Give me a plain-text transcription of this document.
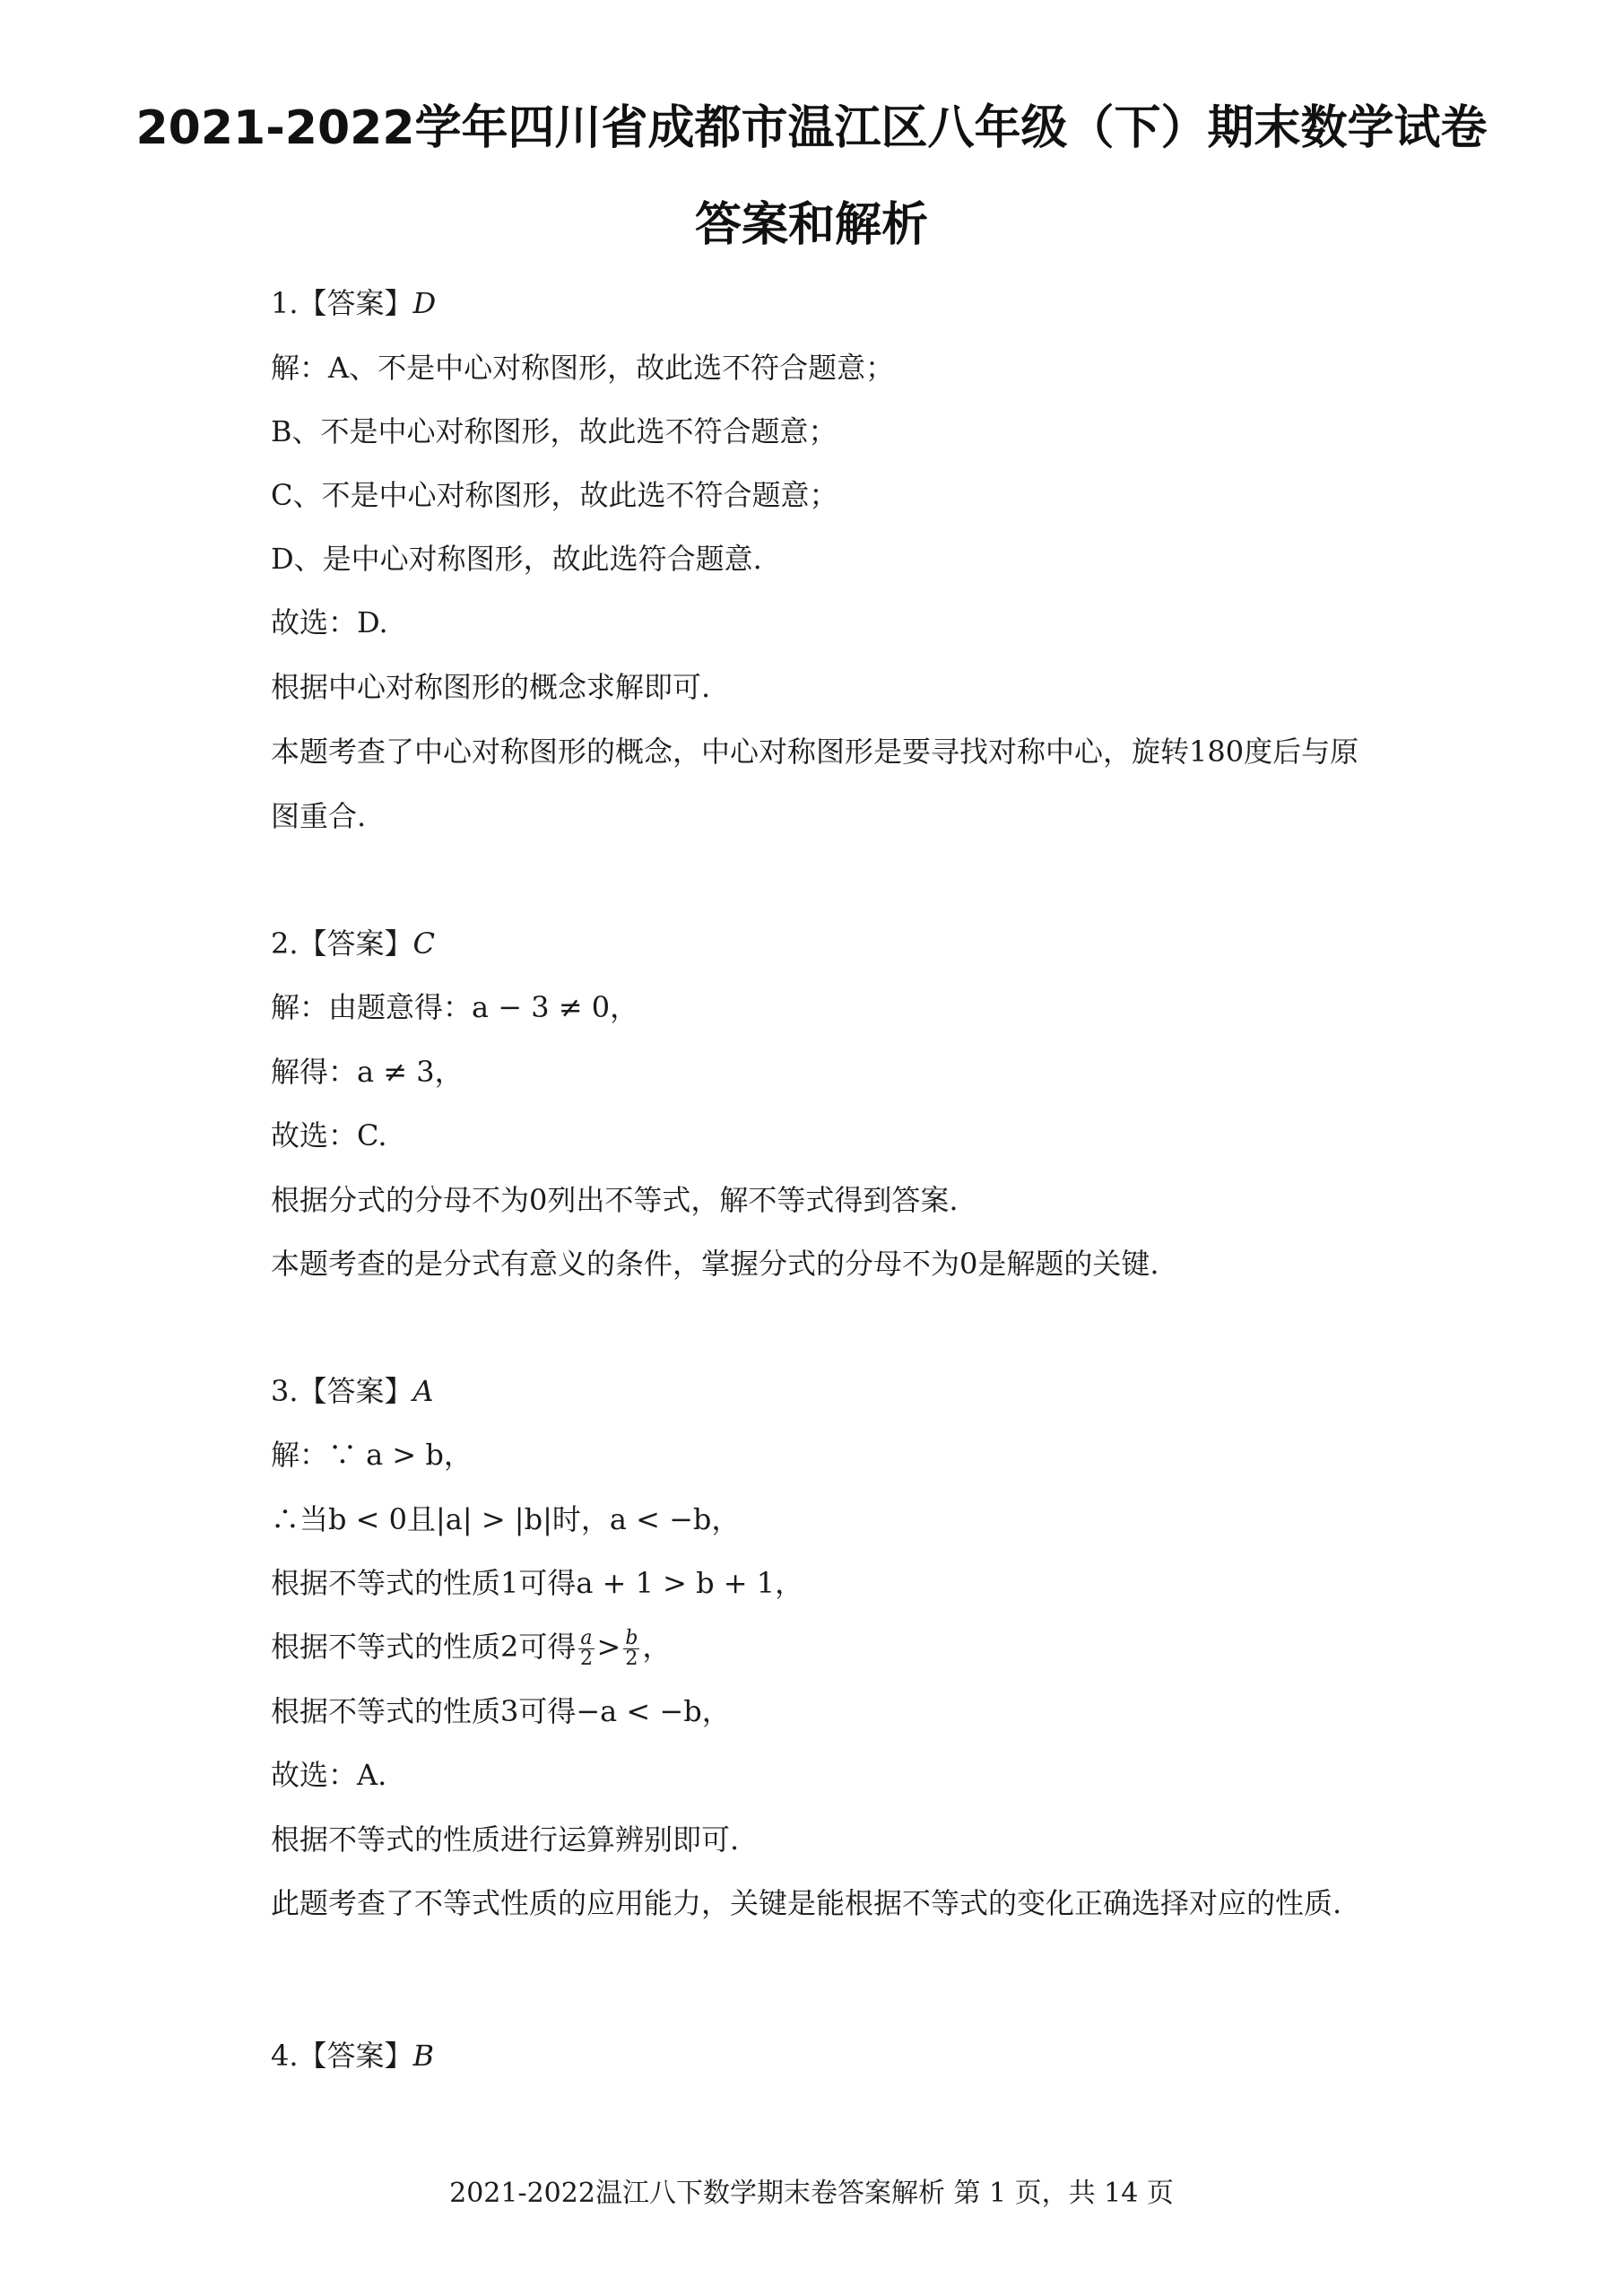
2021-2022学年四川省成都市温江区八年级（下）期末数学试卷
答案和解析
1.【答案】D
解：A、不是中心对称图形，故此选不符合题意；
B、不是中心对称图形，故此选不符合题意；
C、不是中心对称图形，故此选不符合题意；
D、是中心对称图形，故此选符合题意.
故选：D.
根据中心对称图形的概念求解即可.
本题考查了中心对称图形的概念，中心对称图形是要寻找对称中心，旋转180度后与原
图重合.
2.【答案】C
解：由题意得：a − 3 ≠ 0，
解得：a ≠ 3，
故选：C.
根据分式的分母不为0列出不等式，解不等式得到答案.
本题考查的是分式有意义的条件，掌握分式的分母不为0是解题的关键.
3.【答案】A
解：∵ a > b，
∴当b < 0且|a| > |b|时，a < −b，
根据不等式的性质1可得a + 1 > b + 1，
根据不等式的性质2可得 $\frac{a}{2} > \frac{b}{2}$ ，
根据不等式的性质3可得−a < −b，
故选：A.
根据不等式的性质进行运算辨别即可.
此题考查了不等式性质的应用能力，关键是能根据不等式的变化正确选择对应的性质.
4.【答案】B
2021-2022温江八下数学期末卷答案解析 第 1 页，共 14 页
